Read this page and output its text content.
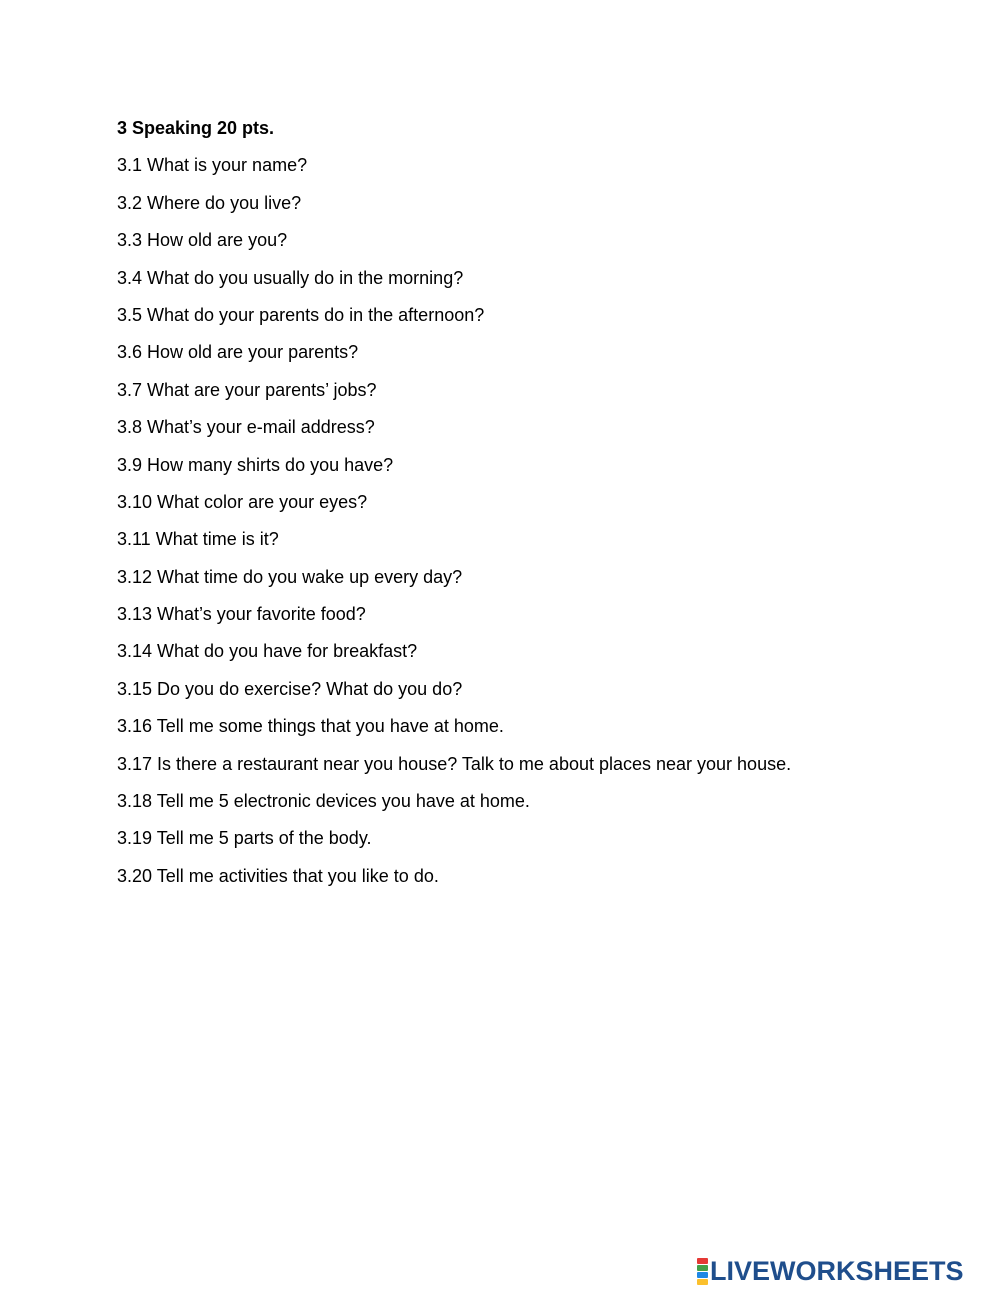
3 Speaking 20 pts.
3.1 What is your name?
3.2 Where do you live?
3.3 How old are you?
3.4 What do you usually do in the morning?
3.5 What do your parents do in the afternoon?
3.6 How old are your parents?
3.7 What are your parents’ jobs?
3.8 What’s your e-mail address?
3.9 How many shirts do you have?
3.10 What color are your eyes?
3.11 What time is it?
3.12 What time do you wake up every day?
3.13 What’s your favorite food?
3.14 What do you have for breakfast?
3.15 Do you do exercise? What do you do?
3.16 Tell me some things that you have at home.
3.17 Is there a restaurant near you house? Talk to me about places near your house.
3.18 Tell me 5 electronic devices you have at home.
3.19 Tell me 5 parts of the body.
3.20 Tell me activities that you like to do.
LIVEWORKSHEETS
